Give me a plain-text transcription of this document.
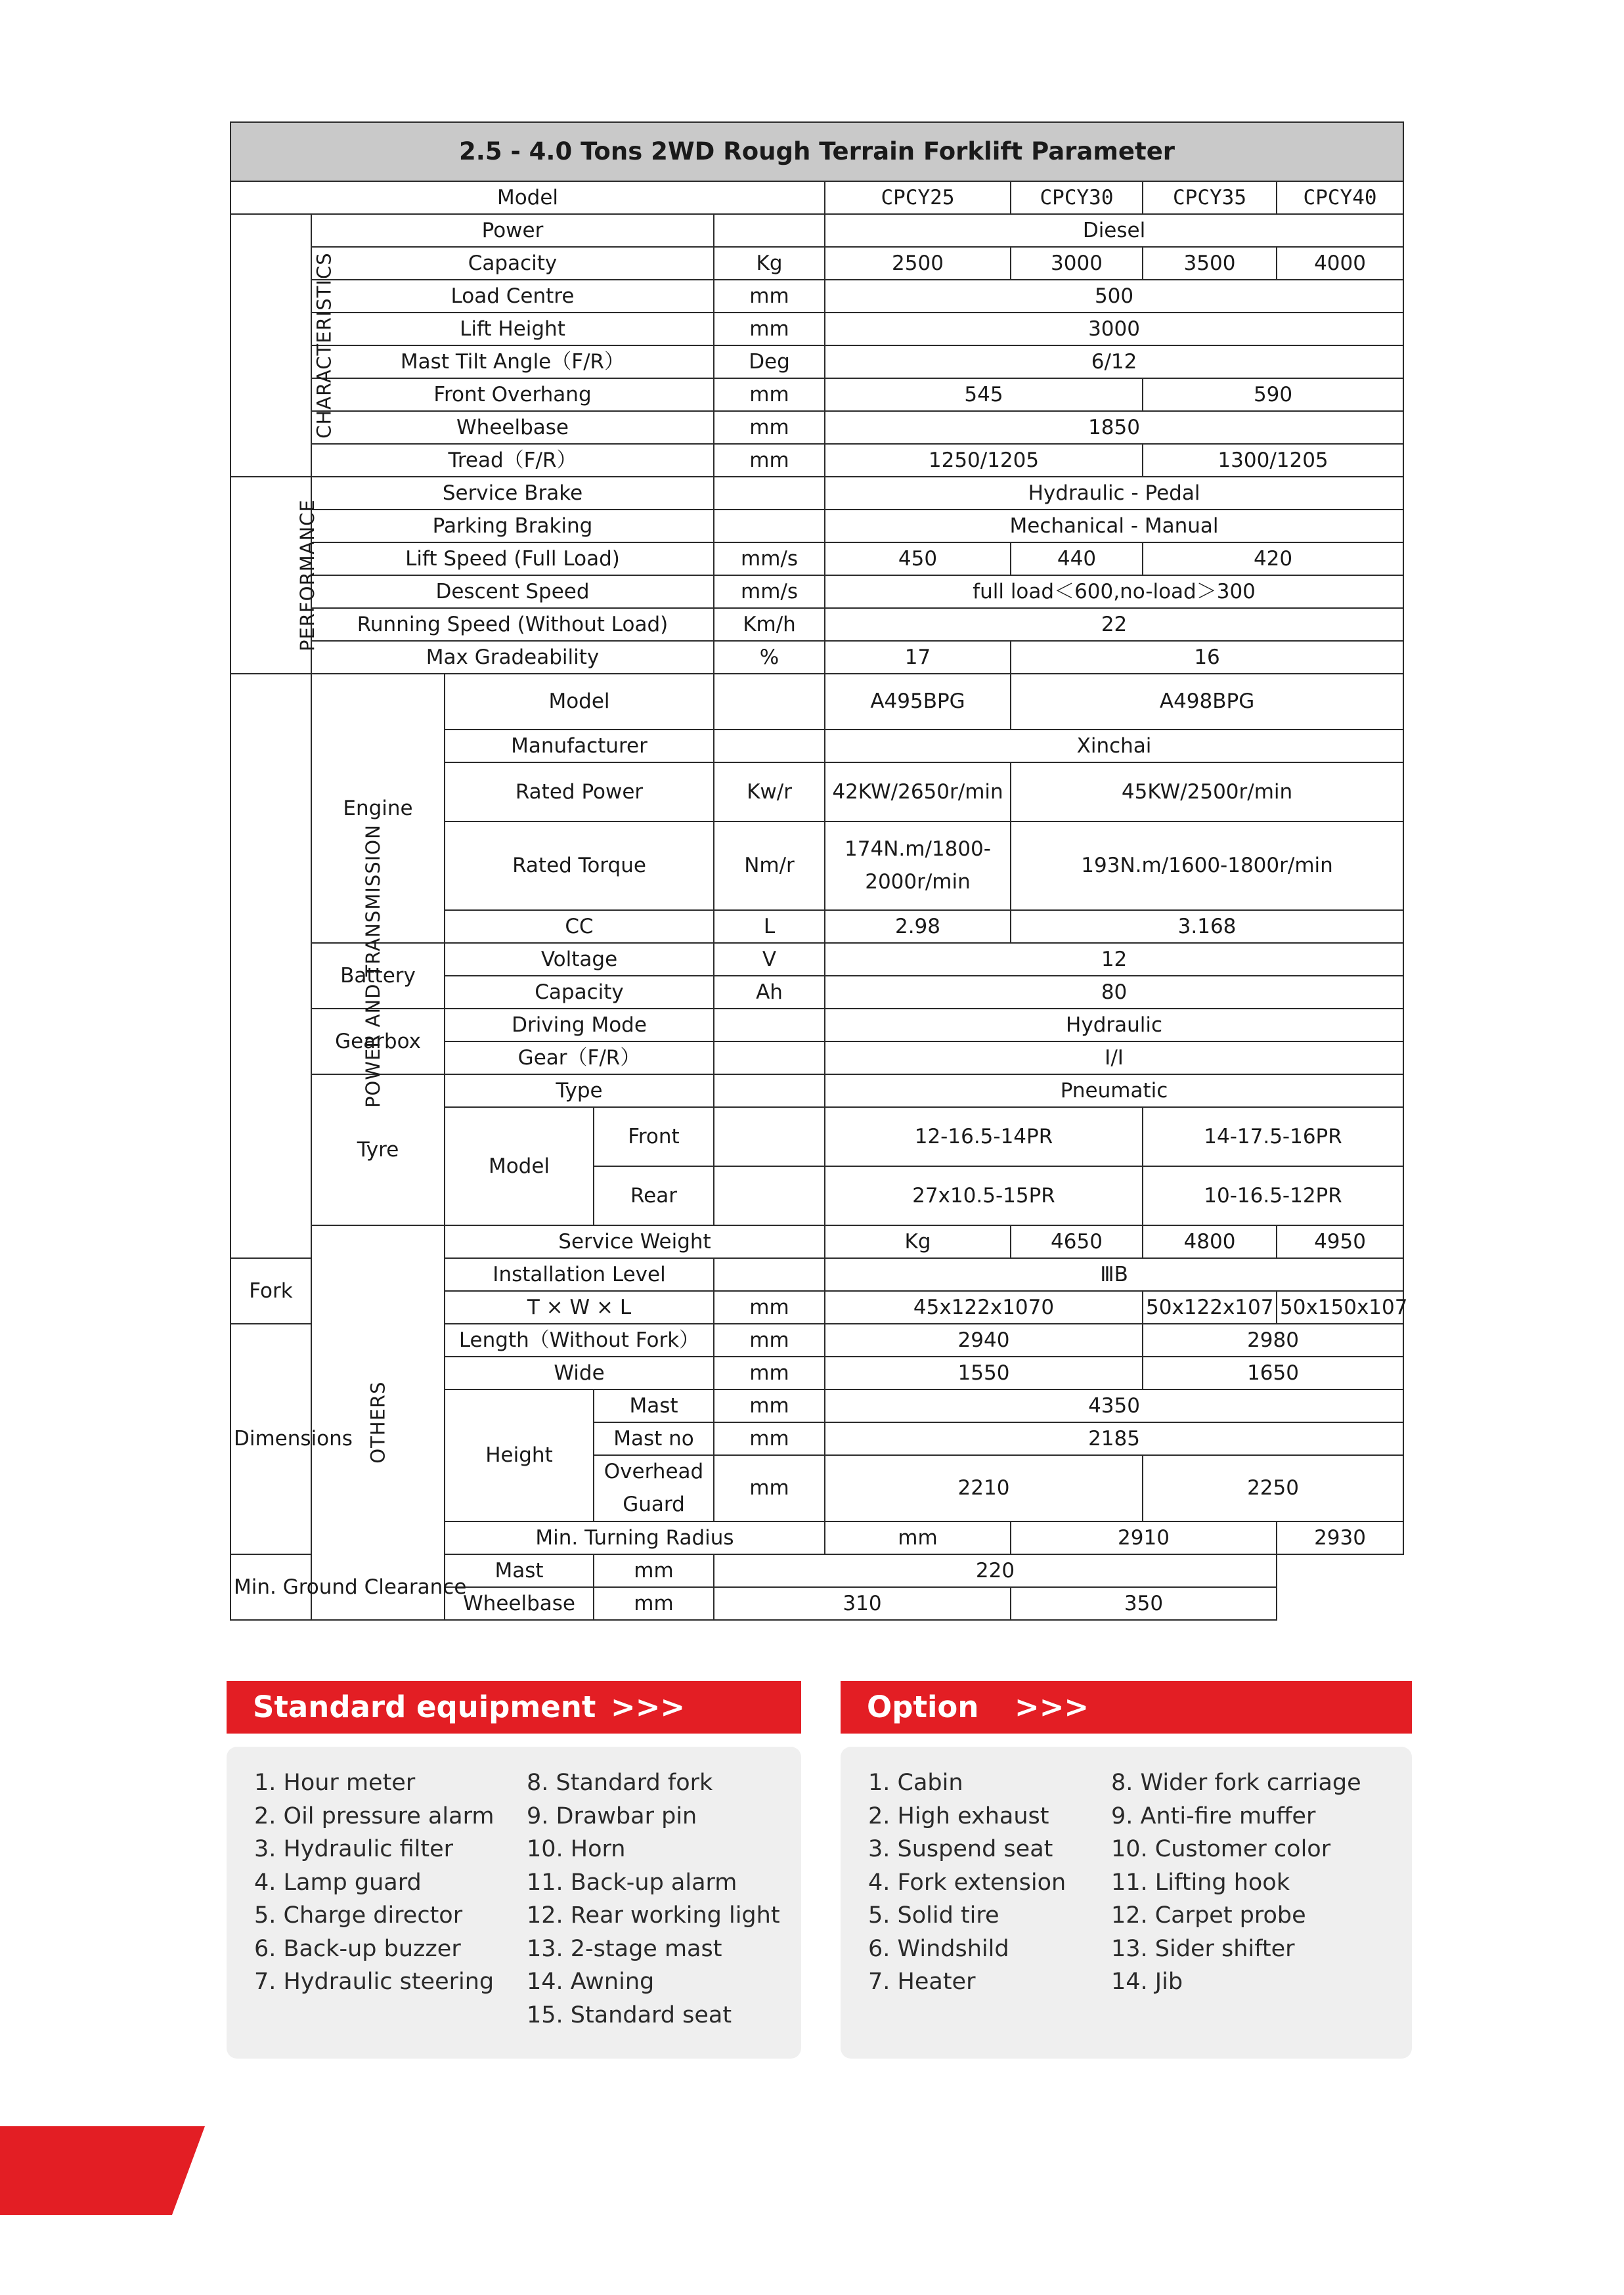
2.5 - 4.0 Tons 2WD Rough Terrain Forklift Parameter								
Model					CPCY25	CPCY30	CPCY35	CPCY40
CHARACTERISTICS	Power				Diesel			
	Capacity			Kg	2500	3000	3500	4000
	Load Centre			mm	500			
	Lift Height			mm	3000			
	Mast Tilt Angle（F/R）			Deg	6/12			
	Front Overhang			mm	545		590	
	Wheelbase			mm	1850			
	Tread（F/R）			mm	1250/1205		1300/1205	
PERFORMANCE	Service Brake				Hydraulic - Pedal			
	Parking Braking				Mechanical - Manual			
	Lift Speed (Full Load)			mm/s	450	440	420	
	Descent Speed			mm/s	full load＜600,no-load＞300			
	Running Speed (Without Load)			Km/h	22			
	Max Gradeability			%	17	16		
POWER AND TRANSMISSION	Engine	Model			A495BPG	A498BPG		
		Manufacturer			Xinchai			
		Rated Power		Kw/r	42KW/2650r/min	45KW/2500r/min		
		Rated Torque		Nm/r	174N.m/1800-2000r/min	193N.m/1600-1800r/min		
		CC		L	2.98	3.168		
	Battery	Voltage		V	12			
		Capacity		Ah	80			
	Gearbox	Driving Mode			Hydraulic			
		Gear（F/R）			Ⅰ/Ⅰ			
	Tyre	Type			Pneumatic			
		Model	Front		12-16.5-14PR		14-17.5-16PR	
			Rear		27x10.5-15PR		10-16.5-12PR	
	OTHERS	Service Weight			Kg	4650	4800	4950
Fork		Installation Level			ⅢB			
		T × W × L		mm	45x122x1070		50x122x107	50x150x107
Dimensions		Length（Without Fork）		mm	2940		2980	
		Wide		mm	1550		1650	
		Height	Mast	mm	4350			
			Mast no	mm	2185			
			Overhead Guard	mm	2210		2250	
		Min. Turning Radius			mm	2910		2930
Min. Ground Clearance		Mast	mm	220				
		Wheelbase	mm	310		350		
Standard equipment >>>
1. Hour meter
2. Oil pressure alarm
3. Hydraulic filter
4. Lamp guard
5. Charge director
6. Back-up buzzer
7. Hydraulic steering
8. Standard fork
9. Drawbar pin
10. Horn
11. Back-up alarm
12. Rear working light
13. 2-stage mast
14. Awning
15. Standard seat
Option >>>
1. Cabin
2. High exhaust
3. Suspend seat
4. Fork extension
5. Solid tire
6. Windshild
7. Heater
8. Wider fork carriage
9. Anti-fire muffer
10. Customer color
11. Lifting hook
12. Carpet probe
13. Sider shifter
14. Jib
05
